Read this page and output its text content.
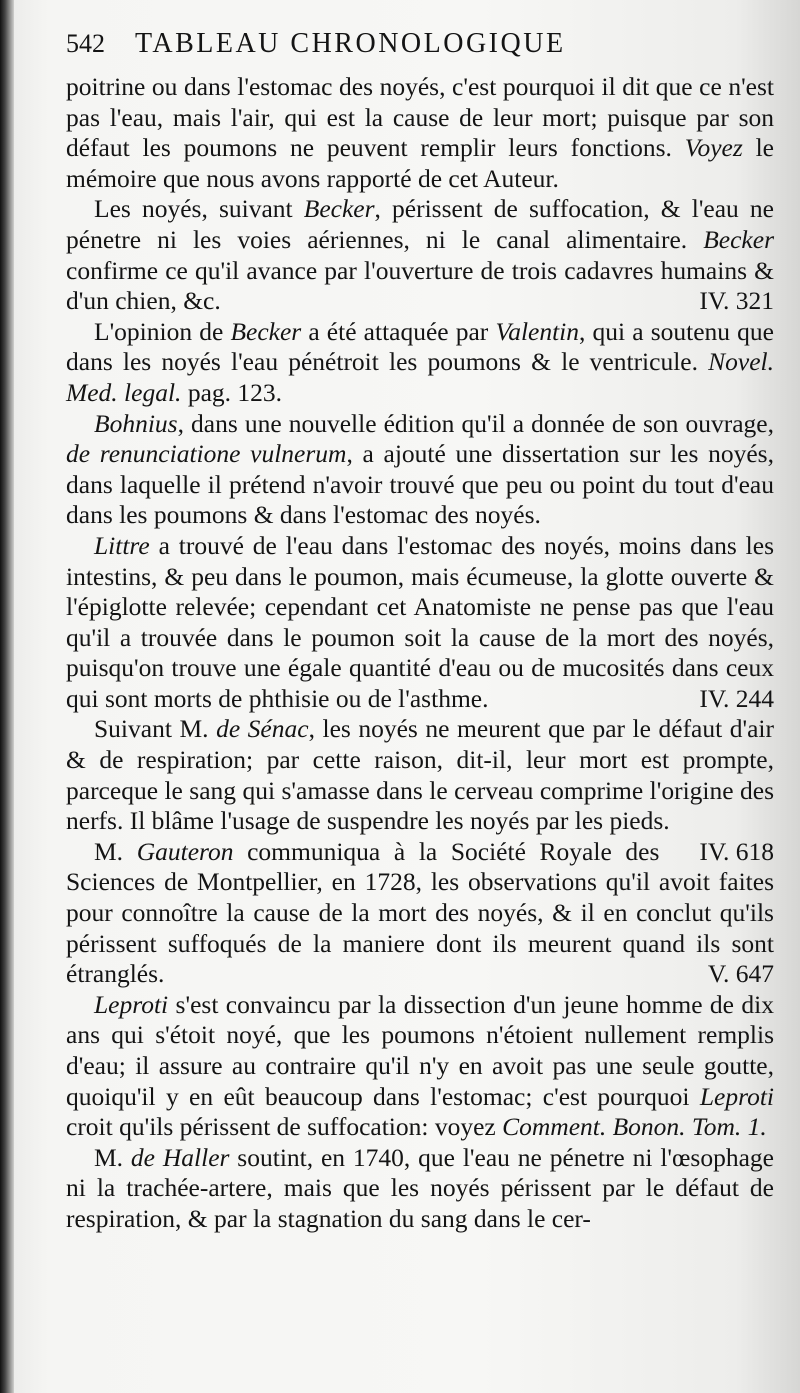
542 TABLEAU CHRONOLOGIQUE

poitrine ou dans l'estomac des noyés, c'est pourquoi il dit que ce n'est pas l'eau, mais l'air, qui est la cause de leur mort; puisque par son défaut les poumons ne peuvent remplir leurs fonctions. Voyez le mémoire que nous avons rapporté de cet Auteur.

Les noyés, suivant Becker, périssent de suffocation, & l'eau ne pénetre ni les voies aériennes, ni le canal alimentaire. Becker confirme ce qu'il avance par l'ouverture de trois cadavres humains & d'un chien, &c.	IV. 321

L'opinion de Becker a été attaquée par Valentin, qui a soutenu que dans les noyés l'eau pénétroit les poumons & le ventricule. Novel. Med. legal. pag. 123.

Bohnius, dans une nouvelle édition qu'il a donnée de son ouvrage, de renunciatione vulnerum, a ajouté une dissertation sur les noyés, dans laquelle il prétend n'avoir trouvé que peu ou point du tout d'eau dans les poumons & dans l'estomac des noyés.

Littre a trouvé de l'eau dans l'estomac des noyés, moins dans les intestins, & peu dans le poumon, mais écumeuse, la glotte ouverte & l'épiglotte relevée; cependant cet Anatomiste ne pense pas que l'eau qu'il a trouvée dans le poumon soit la cause de la mort des noyés, puisqu'on trouve une égale quantité d'eau ou de mucosités dans ceux qui sont morts de phthisie ou de l'asthme.	IV. 244

Suivant M. de Sénac, les noyés ne meurent que par le défaut d'air & de respiration; par cette raison, dit-il, leur mort est prompte, parceque le sang qui s'amasse dans le cerveau comprime l'origine des nerfs. Il blâme l'usage de suspendre les noyés par les pieds.
IV. 618

M. Gauteron communiqua à la Société Royale des Sciences de Montpellier, en 1728, les observations qu'il avoit faites pour connoître la cause de la mort des noyés, & il en conclut qu'ils périssent suffoqués de la maniere dont ils meurent quand ils sont étranglés.	V. 647

Leproti s'est convaincu par la dissection d'un jeune homme de dix ans qui s'étoit noyé, que les poumons n'étoient nullement remplis d'eau; il assure au contraire qu'il n'y en avoit pas une seule goutte, quoiqu'il y en eût beaucoup dans l'estomac; c'est pourquoi Leproti croit qu'ils périssent de suffocation: voyez Comment. Bonon. Tom. 1.

M. de Haller soutint, en 1740, que l'eau ne pénetre ni l'œsophage ni la trachée-artere, mais que les noyés périssent par le défaut de respiration, & par la stagnation du sang dans le cer-
